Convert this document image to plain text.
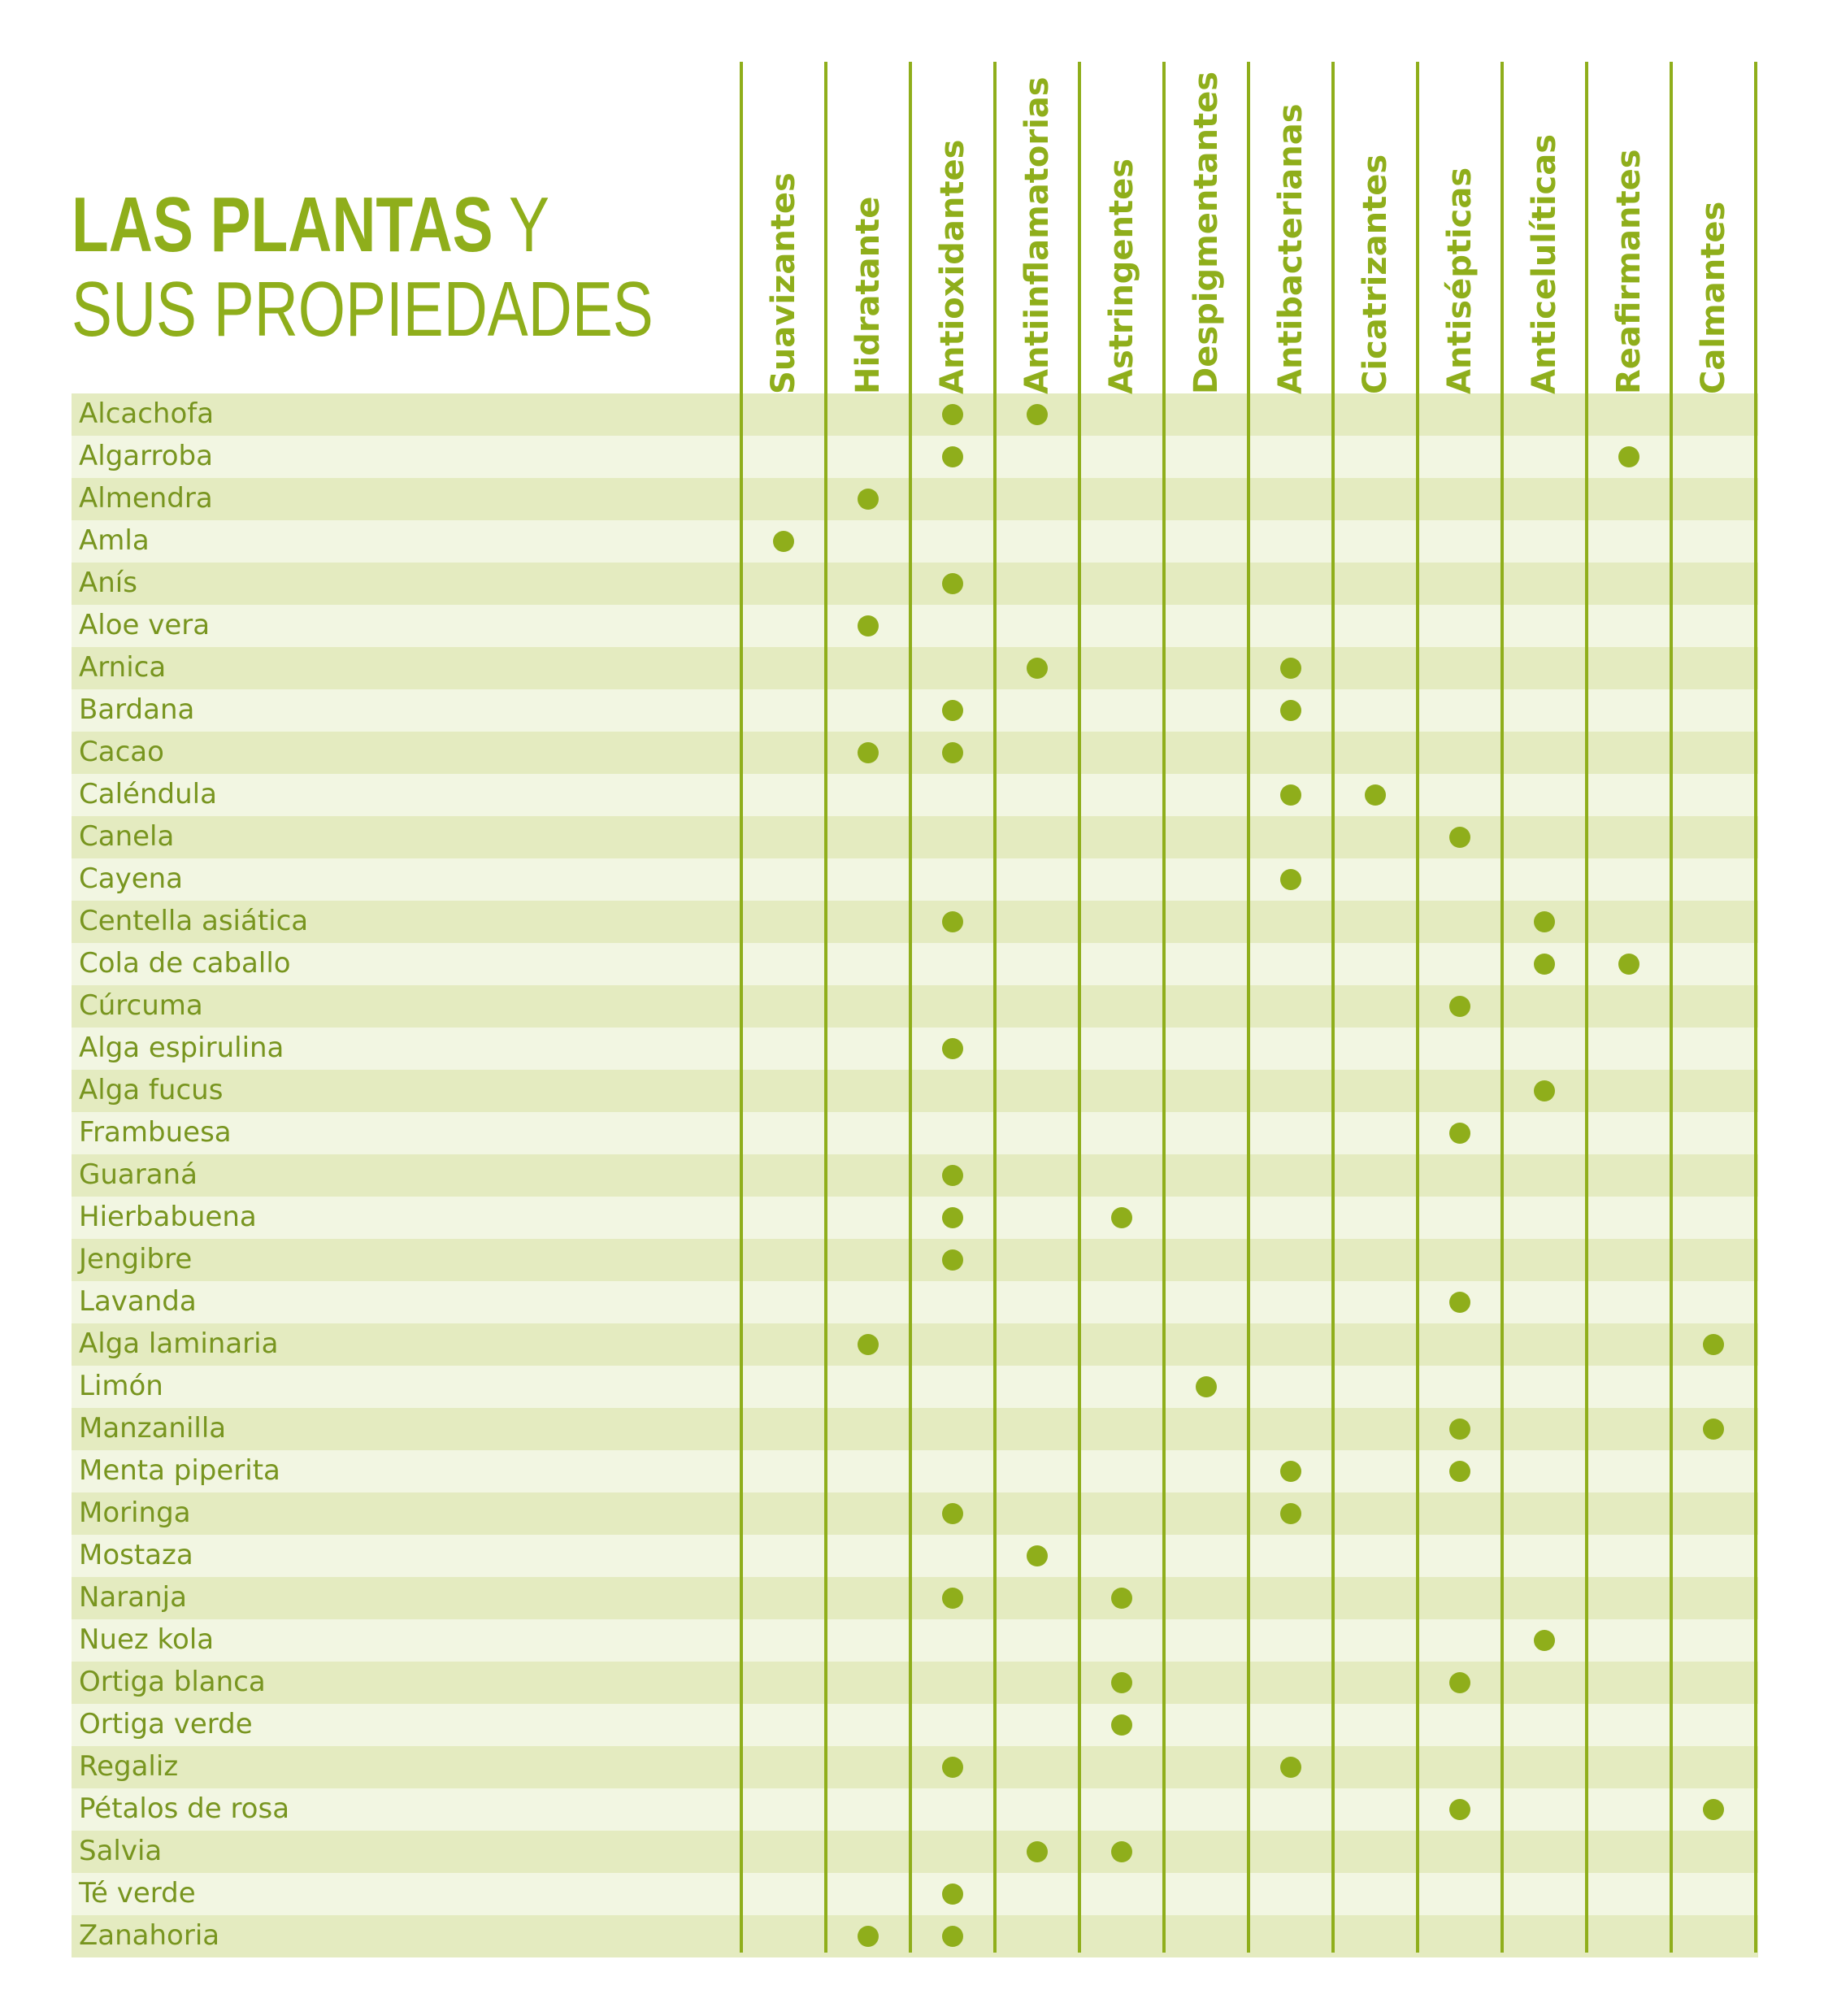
LAS PLANTAS Y
SUS PROPIEDADES
Alcachofa
Algarroba
Almendra
Amla
Anís
Aloe vera
Arnica
Bardana
Cacao
Caléndula
Canela
Cayena
Centella asiática
Cola de caballo
Cúrcuma
Alga espirulina
Alga fucus
Frambuesa
Guaraná
Hierbabuena
Jengibre
Lavanda
Alga laminaria
Limón
Manzanilla
Menta piperita
Moringa
Mostaza
Naranja
Nuez kola
Ortiga blanca
Ortiga verde
Regaliz
Pétalos de rosa
Salvia
Té verde
Zanahoria
Suavizantes Hidratante Antioxidantes Antiinflamatorias Astringentes Despigmentantes Antibacterianas Cicatrizantes Antisépticas Anticelulíticas Reafirmantes Calmantes
